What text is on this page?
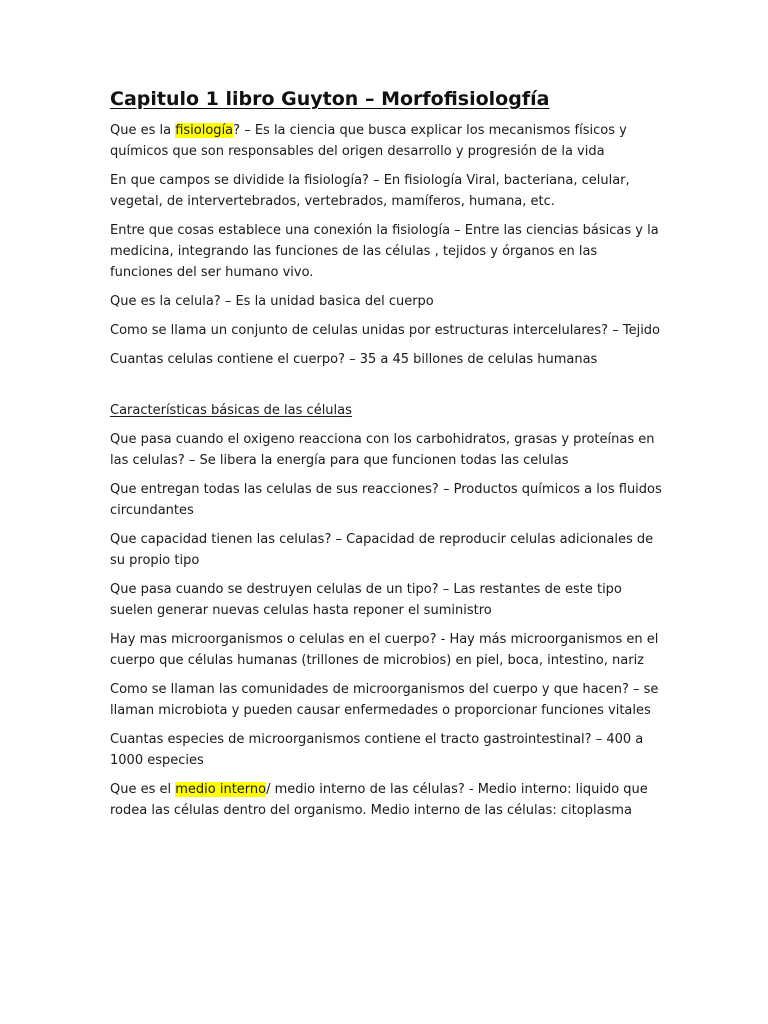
Capitulo 1 libro Guyton – Morfofisiologfía

Que es la fisiología? – Es la ciencia que busca explicar los mecanismos físicos y químicos que son responsables del origen desarrollo y progresión de la vida

En que campos se dividide la fisiología? – En fisiología Viral, bacteriana, celular, vegetal, de intervertebrados, vertebrados, mamíferos, humana, etc.

Entre que cosas establece una conexión la fisiología – Entre las ciencias básicas y la medicina, integrando las funciones de las células , tejidos y órganos en las funciones del ser humano vivo.

Que es la celula? – Es la unidad basica del cuerpo

Como se llama un conjunto de celulas unidas por estructuras intercelulares? – Tejido

Cuantas celulas contiene el cuerpo? – 35 a 45 billones de celulas humanas

Características básicas de las células

Que pasa cuando el oxigeno reacciona con los carbohidratos, grasas y proteínas en las celulas? – Se libera la energía para que funcionen todas las celulas

Que entregan todas las celulas de sus reacciones? – Productos químicos a los fluidos circundantes

Que capacidad tienen las celulas? – Capacidad de reproducir celulas adicionales de su propio tipo

Que pasa cuando se destruyen celulas de un tipo? – Las restantes de este tipo suelen generar nuevas celulas hasta reponer el suministro

Hay mas microorganismos o celulas en el cuerpo? - Hay más microorganismos en el cuerpo que células humanas (trillones de microbios) en piel, boca, intestino, nariz

Como se llaman las comunidades de microorganismos del cuerpo y que hacen? – se llaman microbiota y pueden causar enfermedades o proporcionar funciones vitales

Cuantas especies de microorganismos contiene el tracto gastrointestinal? – 400 a 1000 especies

Que es el medio interno/ medio interno de las células? - Medio interno: liquido que rodea las células dentro del organismo. Medio interno de las células: citoplasma
